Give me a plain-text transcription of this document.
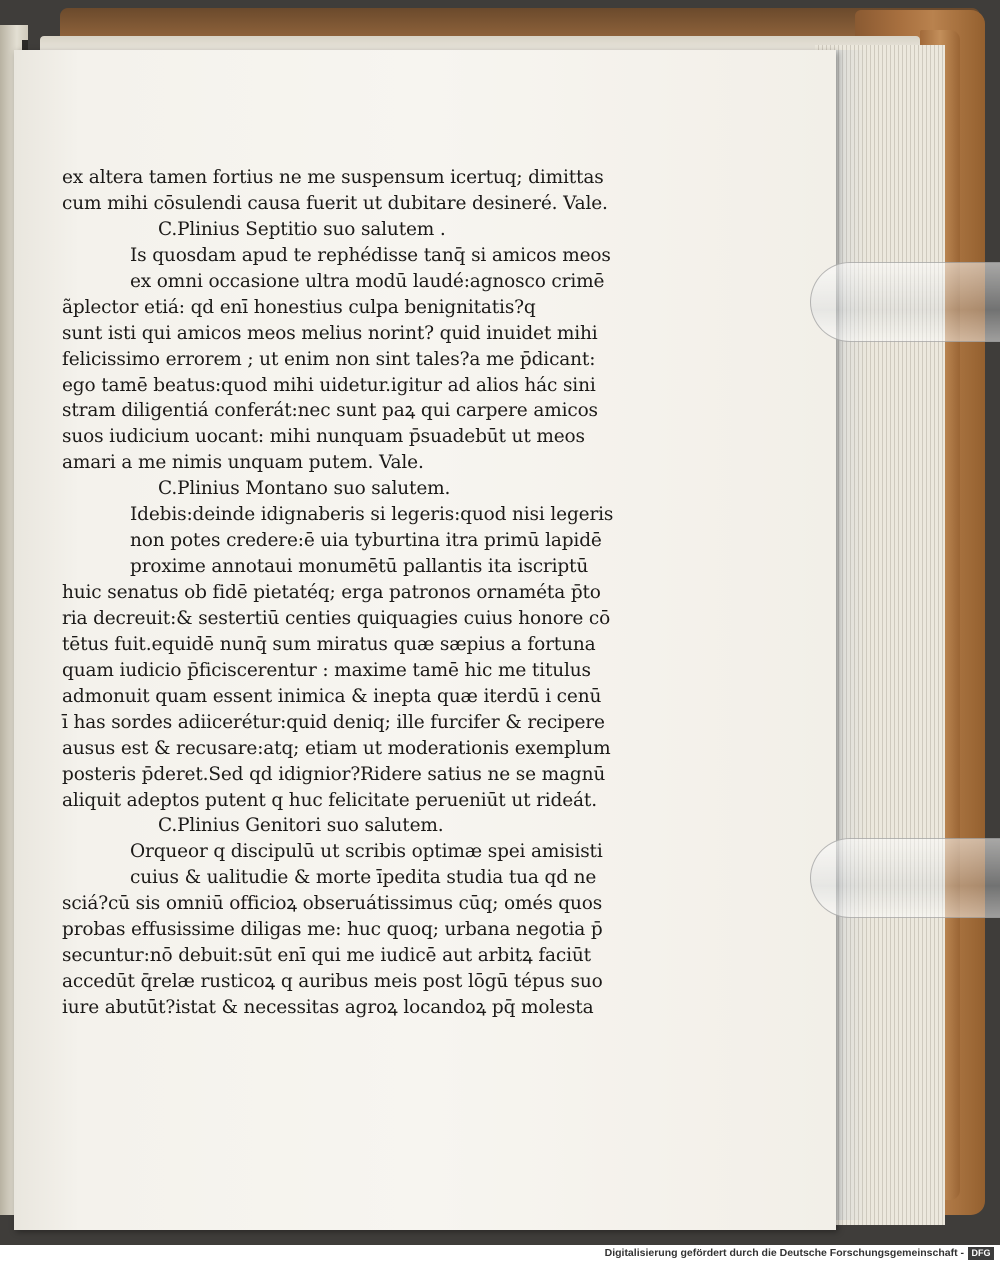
ex altera tamen fortius ne me suspensum icertuq; dimittas
cum mihi cōsulendi causa fuerit ut dubitare desineré. Vale.
C.Plinius Septitio suo salutem .
Is quosdam apud te rephédisse tanq̄ si amicos meos
ex omni occasione ultra modū laudé:agnosco crimē
ãplector etiá: qd enī honestius culpa benignitatis?q
sunt isti qui amicos meos melius norint? quid inuidet mihi
felicissimo errorem ; ut enim non sint tales?a me p̄dicant:
ego tamē beatus:quod mihi uidetur.igitur ad alios hác sini
stram diligentiá conferát:nec sunt paꝝ qui carpere amicos
suos iudicium uocant: mihi nunquam p̄suadebūt ut meos
amari a me nimis unquam putem. Vale.
C.Plinius Montano suo salutem.
Idebis:deinde idignaberis si legeris:quod nisi legeris
non potes credere:ē uia tyburtina itra primū lapidē
proxime annotaui monumētū pallantis ita iscriptū
huic senatus ob fidē pietatéq; erga patronos ornaméta p̄to
ria decreuit:& sestertiū centies quiquagies cuius honore cō
tētus fuit.equidē nunq̄ sum miratus quæ sæpius a fortuna
quam iudicio p̄ficiscerentur : maxime tamē hic me titulus
admonuit quam essent inimica & inepta quæ iterdū i cenū
ī has sordes adiicerétur:quid deniq; ille furcifer & recipere
ausus est & recusare:atq; etiam ut moderationis exemplum
posteris p̄deret.Sed qd idignior?Ridere satius ne se magnū
aliquit adeptos putent q huc felicitate perueniūt ut rideát.
C.Plinius Genitori suo salutem.
Orqueor q discipulū ut scribis optimæ spei amisisti
cuius & ualitudie & morte īpedita studia tua qd ne
sciá?cū sis omniū officioꝝ obseruátissimus cūq; omés quos
probas effusissime diligas me: huc quoq; urbana negotia p̄
secuntur:nō debuit:sūt enī qui me iudicē aut arbitꝝ faciūt
accedūt q̄relæ rusticoꝝ q auribus meis post lōgū tépus suo
iure abutūt?istat & necessitas agroꝝ locandoꝝ pq̄ molesta
Digitalisierung gefördert durch die Deutsche Forschungsgemeinschaft - DFG
